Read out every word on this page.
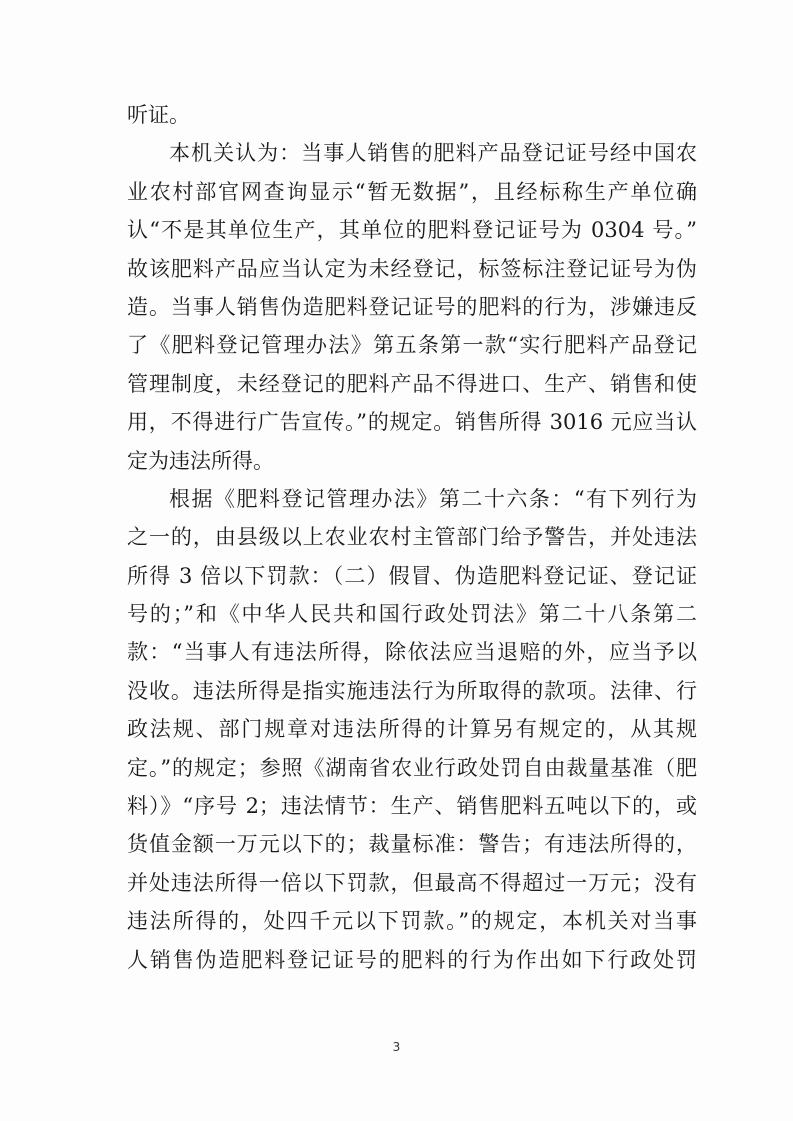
听证。
本机关认为：当事人销售的肥料产品登记证号经中国农
业农村部官网查询显示“暂无数据”，且经标称生产单位确
认“不是其单位生产，其单位的肥料登记证号为 0304 号。”
故该肥料产品应当认定为未经登记，标签标注登记证号为伪
造。当事人销售伪造肥料登记证号的肥料的行为，涉嫌违反
了《肥料登记管理办法》第五条第一款“实行肥料产品登记
管理制度，未经登记的肥料产品不得进口、生产、销售和使
用，不得进行广告宣传。”的规定。销售所得 3016 元应当认
定为违法所得。
根据《肥料登记管理办法》第二十六条：“有下列行为
之一的，由县级以上农业农村主管部门给予警告，并处违法
所得 3 倍以下罚款：（二）假冒、伪造肥料登记证、登记证
号的；”和《中华人民共和国行政处罚法》第二十八条第二
款：“当事人有违法所得，除依法应当退赔的外，应当予以
没收。违法所得是指实施违法行为所取得的款项。法律、行
政法规、部门规章对违法所得的计算另有规定的，从其规
定。”的规定；参照《湖南省农业行政处罚自由裁量基准（肥
料）》“序号 2；违法情节：生产、销售肥料五吨以下的，或
货值金额一万元以下的；裁量标准：警告；有违法所得的，
并处违法所得一倍以下罚款，但最高不得超过一万元；没有
违法所得的，处四千元以下罚款。”的规定，本机关对当事
人销售伪造肥料登记证号的肥料的行为作出如下行政处罚
3
